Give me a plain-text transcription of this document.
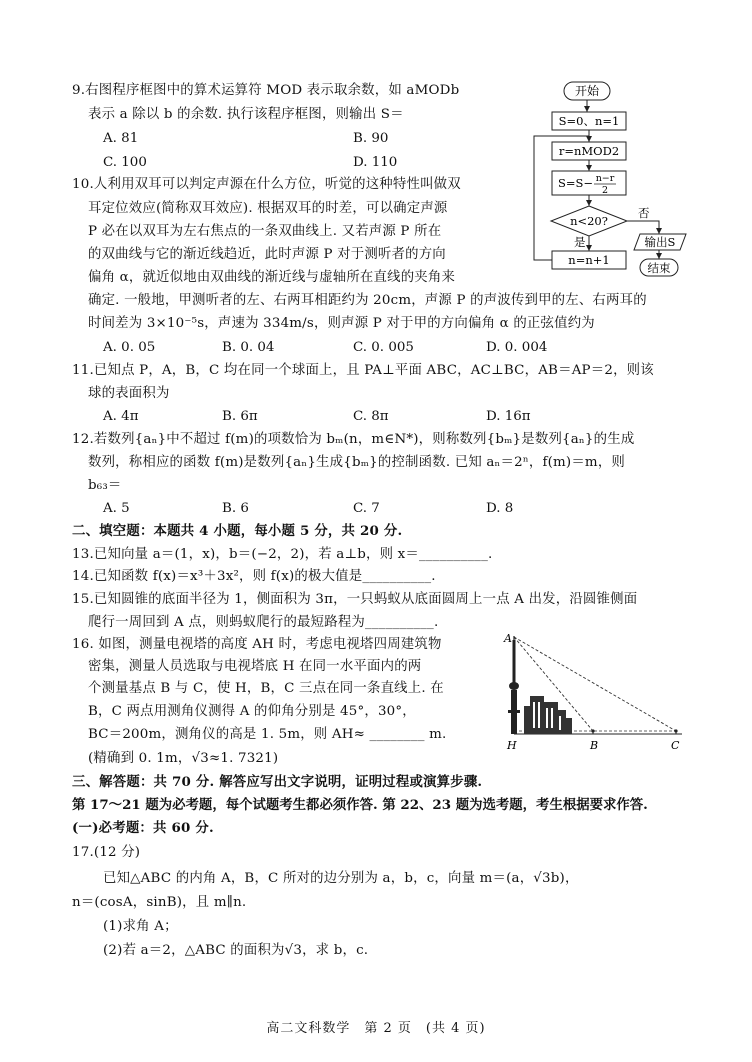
9.右图程序框图中的算术运算符 MOD 表示取余数，如 aMODb
表示 a 除以 b 的余数. 执行该程序框图，则输出 S＝
A. 81	B. 90
C. 100	D. 110
开始
S=0、n=1
r=nMOD2
S=S− n−r
2
n<20?
是
否
n=n+1
输出S
结束
10.人利用双耳可以判定声源在什么方位，听觉的这种特性叫做双
耳定位效应(简称双耳效应). 根据双耳的时差，可以确定声源
P 必在以双耳为左右焦点的一条双曲线上. 又若声源 P 所在
的双曲线与它的渐近线趋近，此时声源 P 对于测听者的方向
偏角 α，就近似地由双曲线的渐近线与虚轴所在直线的夹角来
确定. 一般地，甲测听者的左、右两耳相距约为 20cm，声源 P 的声波传到甲的左、右两耳的
时间差为 3×10⁻⁵s，声速为 334m/s，则声源 P 对于甲的方向偏角 α 的正弦值约为
A. 0. 05	B. 0. 04	C. 0. 005	D. 0. 004
11.已知点 P，A，B，C 均在同一个球面上，且 PA⊥平面 ABC，AC⊥BC，AB＝AP＝2，则该
球的表面积为
A. 4π	B. 6π	C. 8π	D. 16π
12.若数列{aₙ}中不超过 f(m)的项数恰为 bₘ(n，m∈N*)，则称数列{bₘ}是数列{aₙ}的生成
数列，称相应的函数 f(m)是数列{aₙ}生成{bₘ}的控制函数. 已知 aₙ＝2ⁿ，f(m)＝m，则
b₆₃＝
A. 5	B. 6	C. 7	D. 8
二、填空题：本题共 4 小题，每小题 5 分，共 20 分.
13.已知向量 a＝(1，x)，b＝(−2，2)，若 a⊥b，则 x＝__________.
14.已知函数 f(x)＝x³＋3x²，则 f(x)的极大值是__________.
15.已知圆锥的底面半径为 1，侧面积为 3π，一只蚂蚁从底面圆周上一点 A 出发，沿圆锥侧面
爬行一周回到 A 点，则蚂蚁爬行的最短路程为__________.
16. 如图，测量电视塔的高度 AH 时，考虑电视塔四周建筑物
密集，测量人员选取与电视塔底 H 在同一水平面内的两
个测量基点 B 与 C，使 H，B，C 三点在同一条直线上. 在
B，C 两点用测角仪测得 A 的仰角分别是 45°，30°，
BC＝200m，测角仪的高是 1. 5m，则 AH≈ ________ m.
(精确到 0. 1m，√3≈1. 7321)
A
H	B	C
三、解答题：共 70 分. 解答应写出文字说明，证明过程或演算步骤.
第 17～21 题为必考题，每个试题考生都必须作答. 第 22、23 题为选考题，考生根据要求作答.
(一)必考题：共 60 分.
17.(12 分)
已知△ABC 的内角 A，B，C 所对的边分别为 a，b，c，向量 m＝(a，√3b)，
n＝(cosA，sinB)，且 m∥n.
(1)求角 A；
(2)若 a＝2，△ABC 的面积为√3，求 b，c.
高二文科数学　第 2 页　(共 4 页)
